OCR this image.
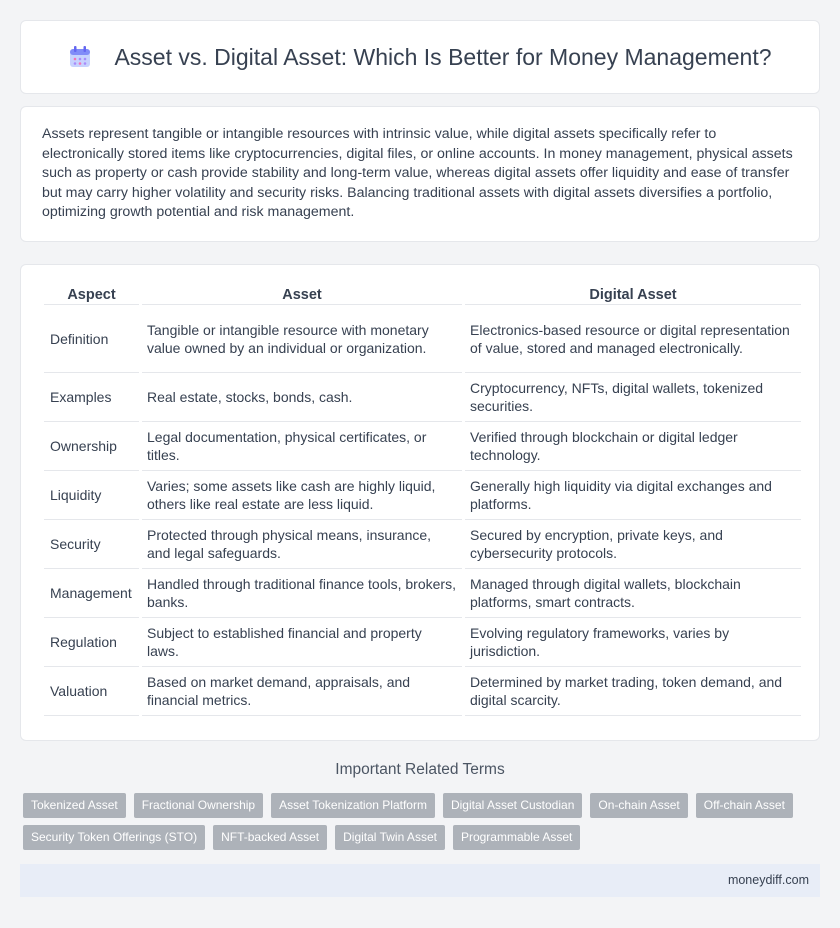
Asset vs. Digital Asset: Which Is Better for Money Management?

Assets represent tangible or intangible resources with intrinsic value, while digital assets specifically refer to electronically stored items like cryptocurrencies, digital files, or online accounts. In money management, physical assets such as property or cash provide stability and long-term value, whereas digital assets offer liquidity and ease of transfer but may carry higher volatility and security risks. Balancing traditional assets with digital assets diversifies a portfolio, optimizing growth potential and risk management.

Aspect	Asset	Digital Asset
Definition	Tangible or intangible resource with monetary value owned by an individual or organization.	Electronics-based resource or digital representation of value, stored and managed electronically.
Examples	Real estate, stocks, bonds, cash.	Cryptocurrency, NFTs, digital wallets, tokenized securities.
Ownership	Legal documentation, physical certificates, or titles.	Verified through blockchain or digital ledger technology.
Liquidity	Varies; some assets like cash are highly liquid, others like real estate are less liquid.	Generally high liquidity via digital exchanges and platforms.
Security	Protected through physical means, insurance, and legal safeguards.	Secured by encryption, private keys, and cybersecurity protocols.
Management	Handled through traditional finance tools, brokers, banks.	Managed through digital wallets, blockchain platforms, smart contracts.
Regulation	Subject to established financial and property laws.	Evolving regulatory frameworks, varies by jurisdiction.
Valuation	Based on market demand, appraisals, and financial metrics.	Determined by market trading, token demand, and digital scarcity.
Important Related Terms
Tokenized Asset	Fractional Ownership	Asset Tokenization Platform	Digital Asset Custodian	On-chain Asset	Off-chain Asset
Security Token Offerings (STO)	NFT-backed Asset	Digital Twin Asset	Programmable Asset
moneydiff.com
